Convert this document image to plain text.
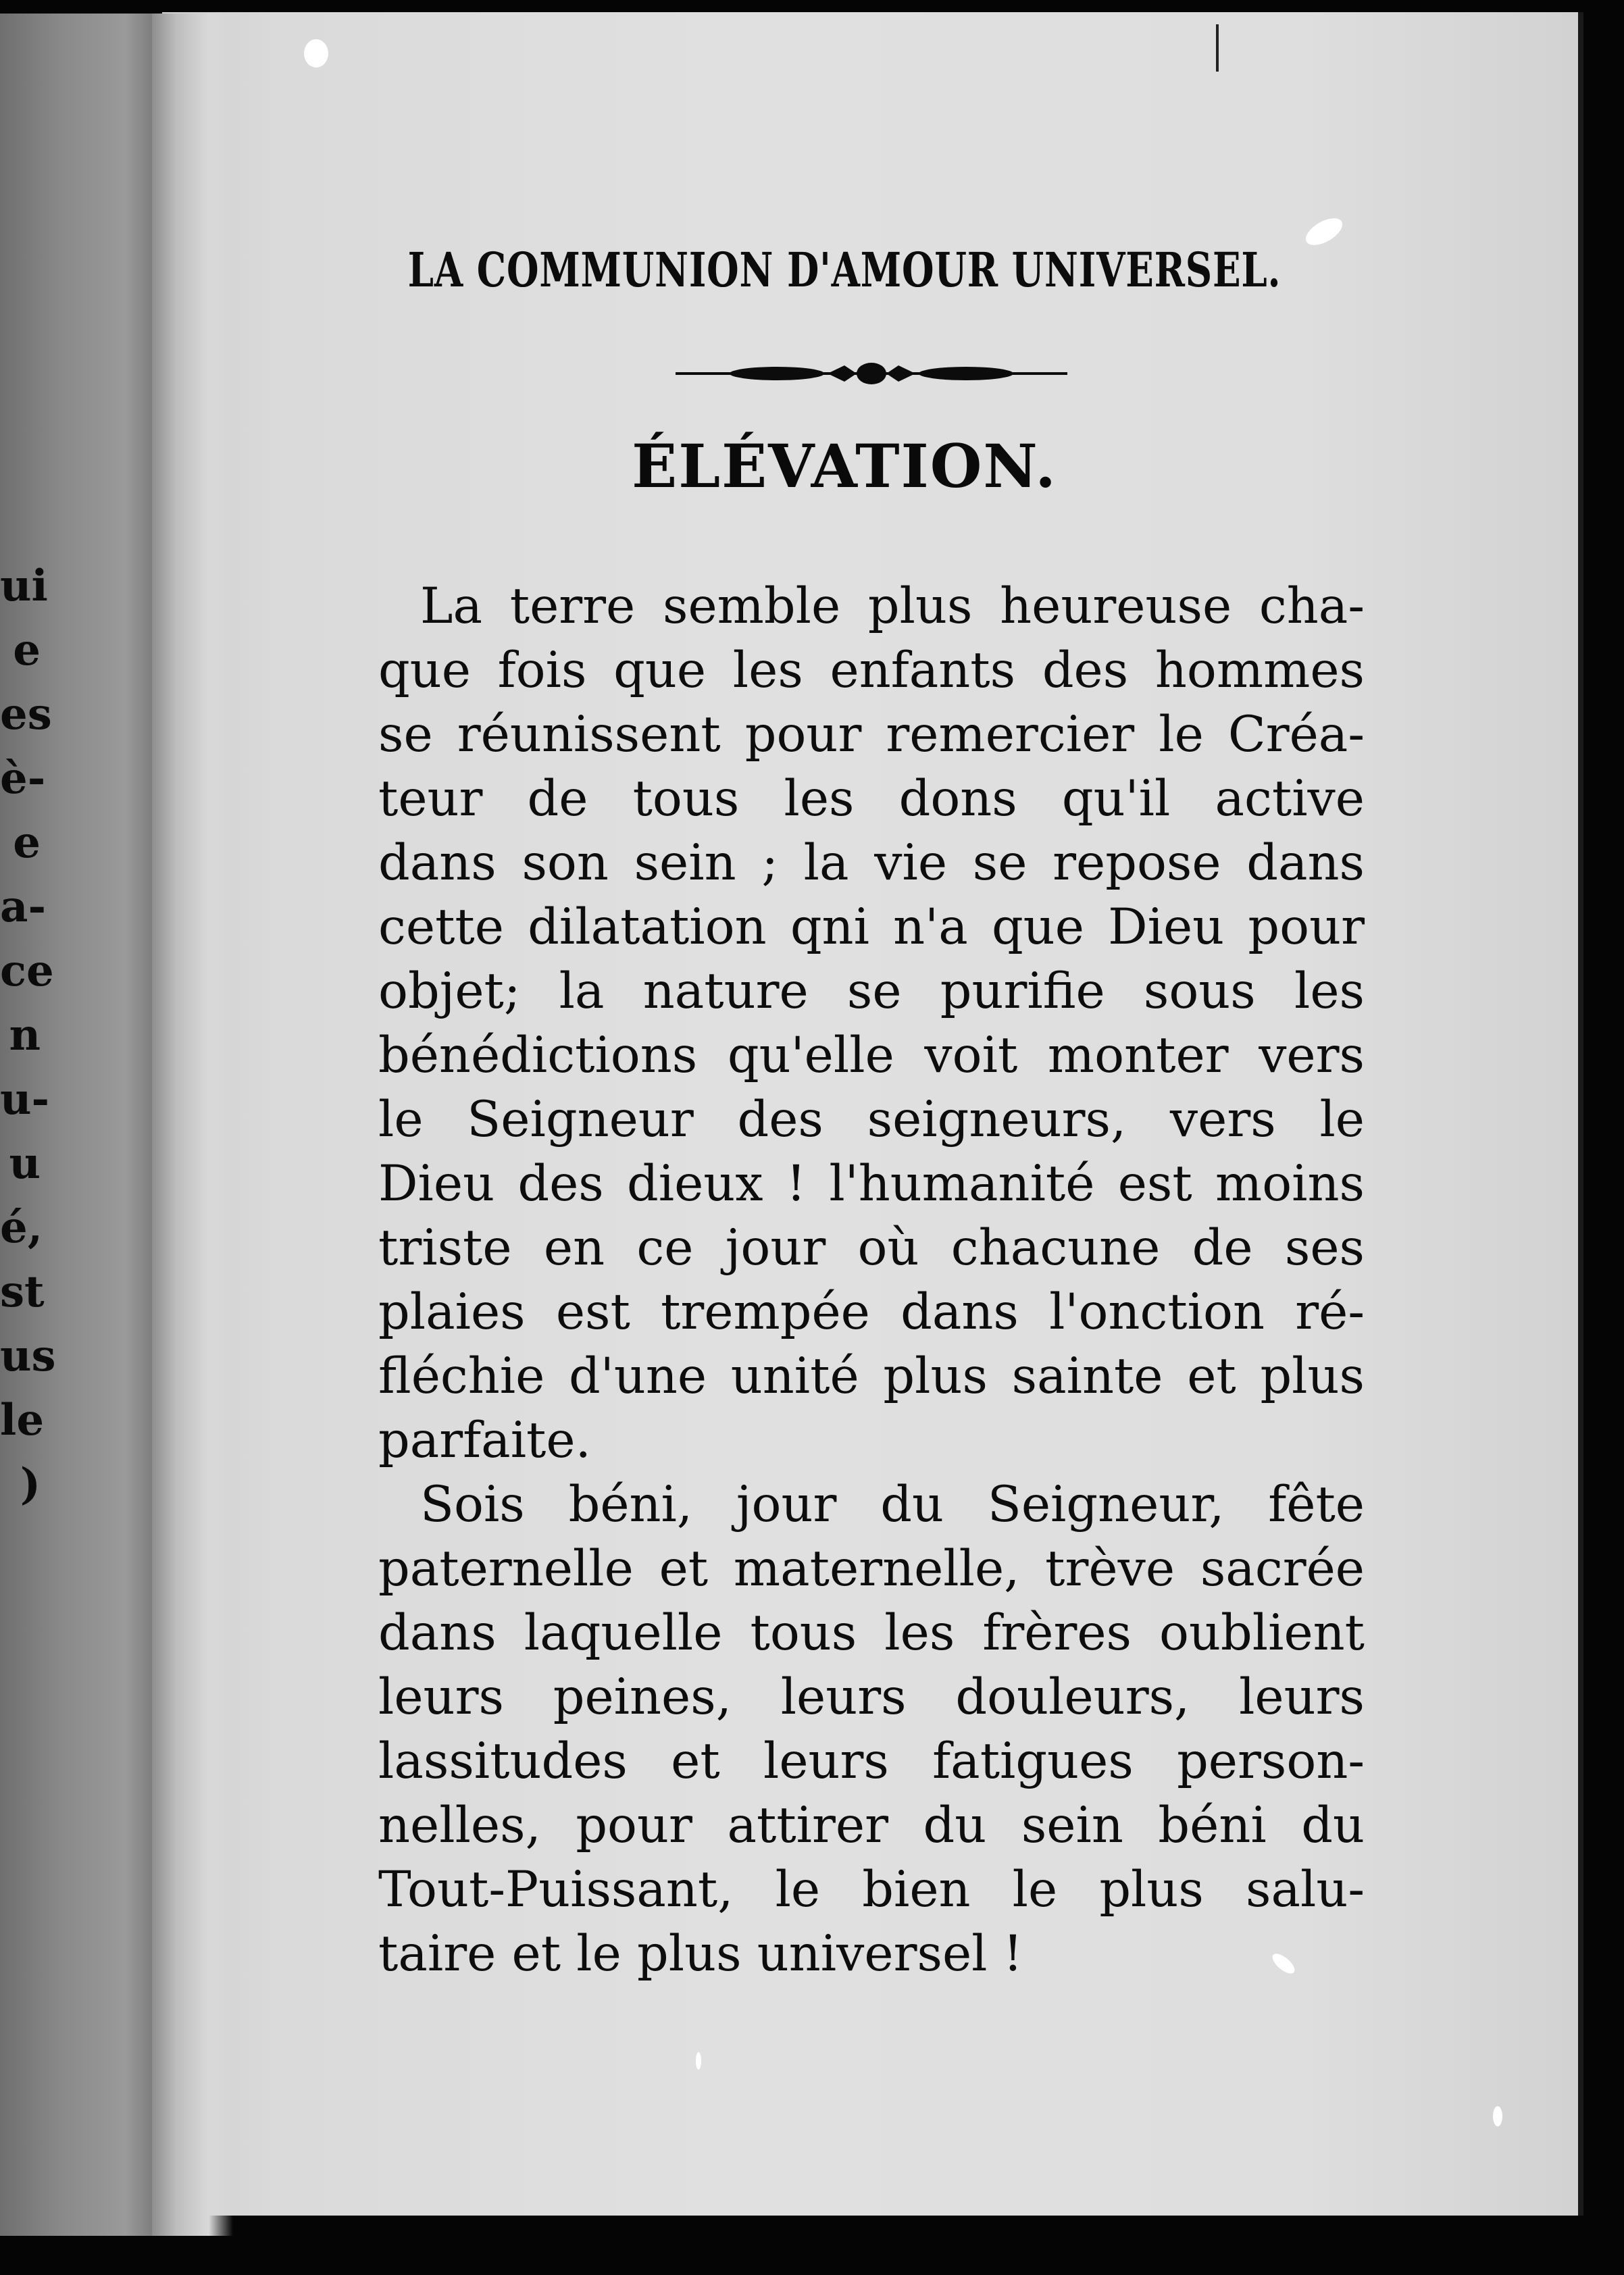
ui
e
es
è-
e
a-
ce
n
u-
u
é,
st
us
le
)
LA COMMUNION D'AMOUR UNIVERSEL.
ÉLÉVATION.
La terre semble plus heureuse cha-
que fois que les enfants des hommes
se réunissent pour remercier le Créa-
teur de tous les dons qu'il active
dans son sein ; la vie se repose dans
cette dilatation qni n'a que Dieu pour
objet; la nature se purifie sous les
bénédictions qu'elle voit monter vers
le Seigneur des seigneurs, vers le
Dieu des dieux ! l'humanité est moins
triste en ce jour où chacune de ses
plaies est trempée dans l'onction ré-
fléchie d'une unité plus sainte et plus
parfaite.
Sois béni, jour du Seigneur, fête
paternelle et maternelle, trève sacrée
dans laquelle tous les frères oublient
leurs peines, leurs douleurs, leurs
lassitudes et leurs fatigues person-
nelles, pour attirer du sein béni du
Tout-Puissant, le bien le plus salu-
taire et le plus universel !
